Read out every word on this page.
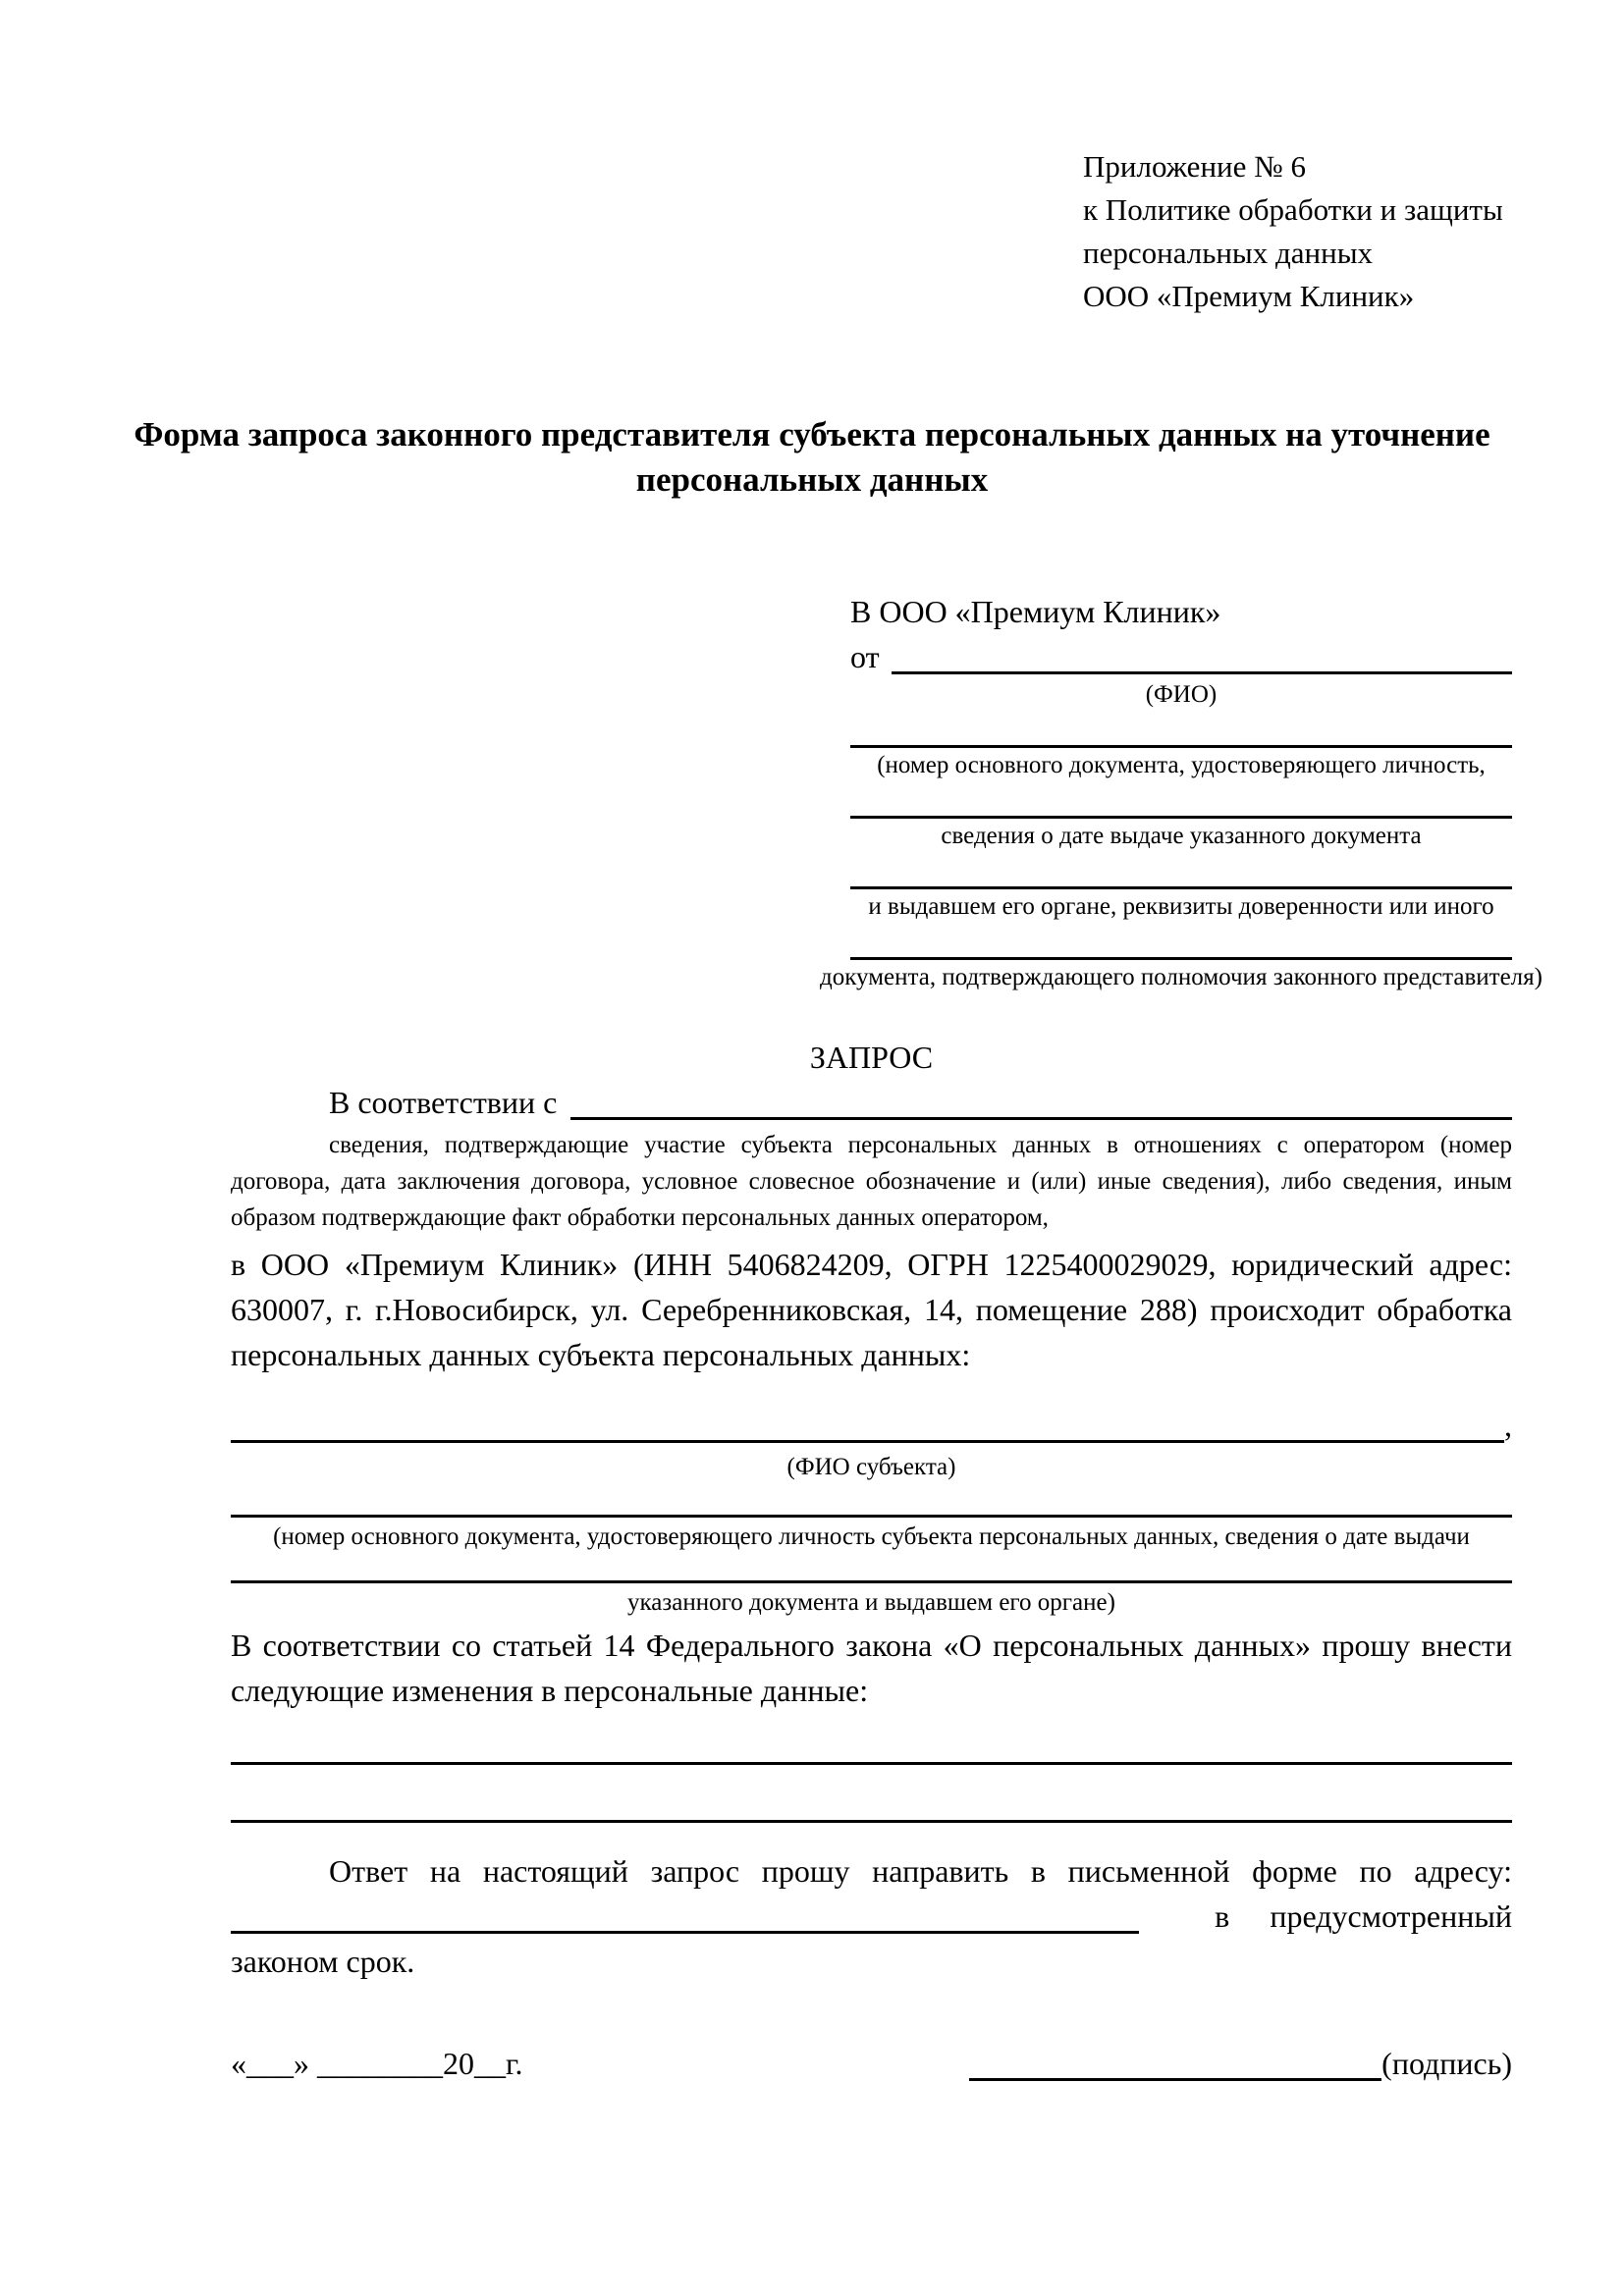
Приложение № 6
к Политике обработки и защиты
персональных данных
ООО «Премиум Клиник»
Форма запроса законного представителя субъекта персональных данных на уточнение персональных данных
В ООО «Премиум Клиник»
от
(ФИО)
(номер основного документа, удостоверяющего личность,
сведения о дате выдаче указанного документа
и выдавшем его органе, реквизиты доверенности или иного
документа, подтверждающего полномочия законного представителя)
ЗАПРОС
В соответствии с

сведения, подтверждающие участие субъекта персональных данных в отношениях с оператором (номер договора, дата заключения договора, условное словесное обозначение и (или) иные сведения), либо сведения, иным образом подтверждающие факт обработки персональных данных оператором,

в ООО «Премиум Клиник» (ИНН 5406824209, ОГРН 1225400029029, юридический адрес: 630007, г. г.Новосибирск, ул. Серебренниковская, 14, помещение 288) происходит обработка персональных данных субъекта персональных данных:

,
(ФИО субъекта)
(номер основного документа, удостоверяющего личность субъекта персональных данных, сведения о дате выдачи
указанного документа и выдавшем его органе)

В соответствии со статьей 14 Федерального закона «О персональных данных» прошу внести следующие изменения в персональные данные:

Ответ на настоящий запрос прошу направить в письменной форме по адресу:

в предусмотренный
законом срок.
«___» ________20__г.	(подпись)
